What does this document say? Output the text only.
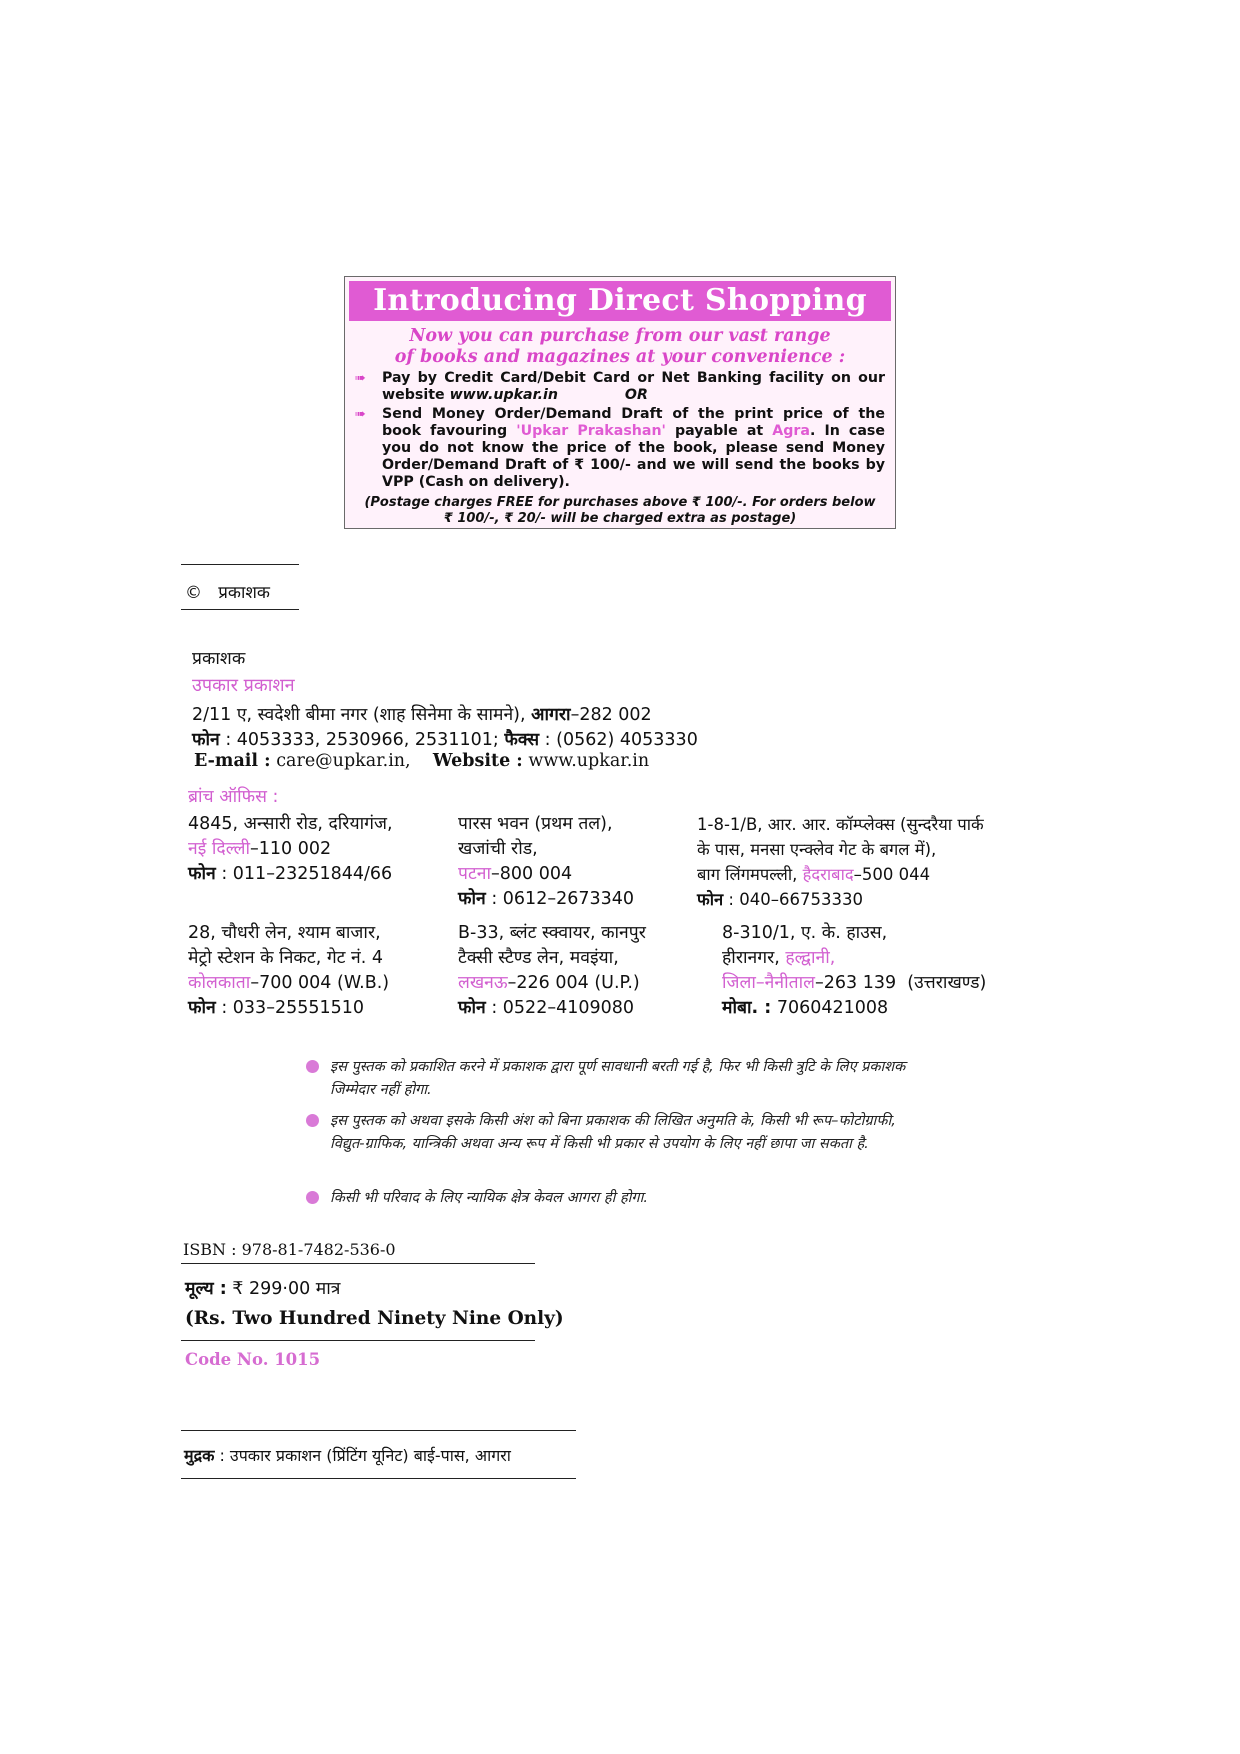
Introducing Direct Shopping
Now you can purchase from our vast range
of books and magazines at your convenience :
➠ Pay by Credit Card/Debit Card or Net Banking facility on our website www.upkar.in	OR
➠ Send Money Order/Demand Draft of the print price of the book favouring 'Upkar Prakashan' payable at Agra. In case you do not know the price of the book, please send Money Order/Demand Draft of ₹ 100/- and we will send the books by VPP (Cash on delivery).
(Postage charges FREE for purchases above ₹ 100/-. For orders below
₹ 100/-, ₹ 20/- will be charged extra as postage)
© प्रकाशक
प्रकाशक
उपकार प्रकाशन
2/11 ए, स्वदेशी बीमा नगर (शाह सिनेमा के सामने), आगरा–282 002
फोन : 4053333, 2530966, 2531101; फैक्स : (0562) 4053330
E-mail : care@upkar.in, Website : www.upkar.in
ब्रांच ऑफिस :
4845, अन्सारी रोड, दरियागंज,
नई दिल्ली–110 002
फोन : 011–23251844/66
पारस भवन (प्रथम तल),
खजांची रोड,
पटना–800 004
फोन : 0612–2673340
1-8-1/B, आर. आर. कॉम्प्लेक्स (सुन्दरैया पार्क
के पास, मनसा एन्क्लेव गेट के बगल में),
बाग लिंगमपल्ली, हैदराबाद–500 044
फोन : 040–66753330
28, चौधरी लेन, श्याम बाजार,
मेट्रो स्टेशन के निकट, गेट नं. 4
कोलकाता–700 004 (W.B.)
फोन : 033–25551510
B-33, ब्लंट स्क्वायर, कानपुर
टैक्सी स्टैण्ड लेन, मवइंया,
लखनऊ–226 004 (U.P.)
फोन : 0522–4109080
8-310/1, ए. के. हाउस,
हीरानगर, हल्द्वानी,
जिला–नैनीताल–263 139 (उत्तराखण्ड)
मोबा. : 7060421008
इस पुस्तक को प्रकाशित करने में प्रकाशक द्वारा पूर्ण सावधानी बरती गई है, फिर भी किसी त्रुटि के लिए प्रकाशक जिम्मेदार नहीं होगा.
इस पुस्तक को अथवा इसके किसी अंश को बिना प्रकाशक की लिखित अनुमति के, किसी भी रूप–फोटोग्राफी, विद्युत-ग्राफिक, यान्त्रिकी अथवा अन्य रूप में किसी भी प्रकार से उपयोग के लिए नहीं छापा जा सकता है.
किसी भी परिवाद के लिए न्यायिक क्षेत्र केवल आगरा ही होगा.
ISBN : 978-81-7482-536-0
मूल्य : ₹ 299·00 मात्र
(Rs. Two Hundred Ninety Nine Only)
Code No. 1015
मुद्रक : उपकार प्रकाशन (प्रिंटिंग यूनिट) बाई-पास, आगरा
